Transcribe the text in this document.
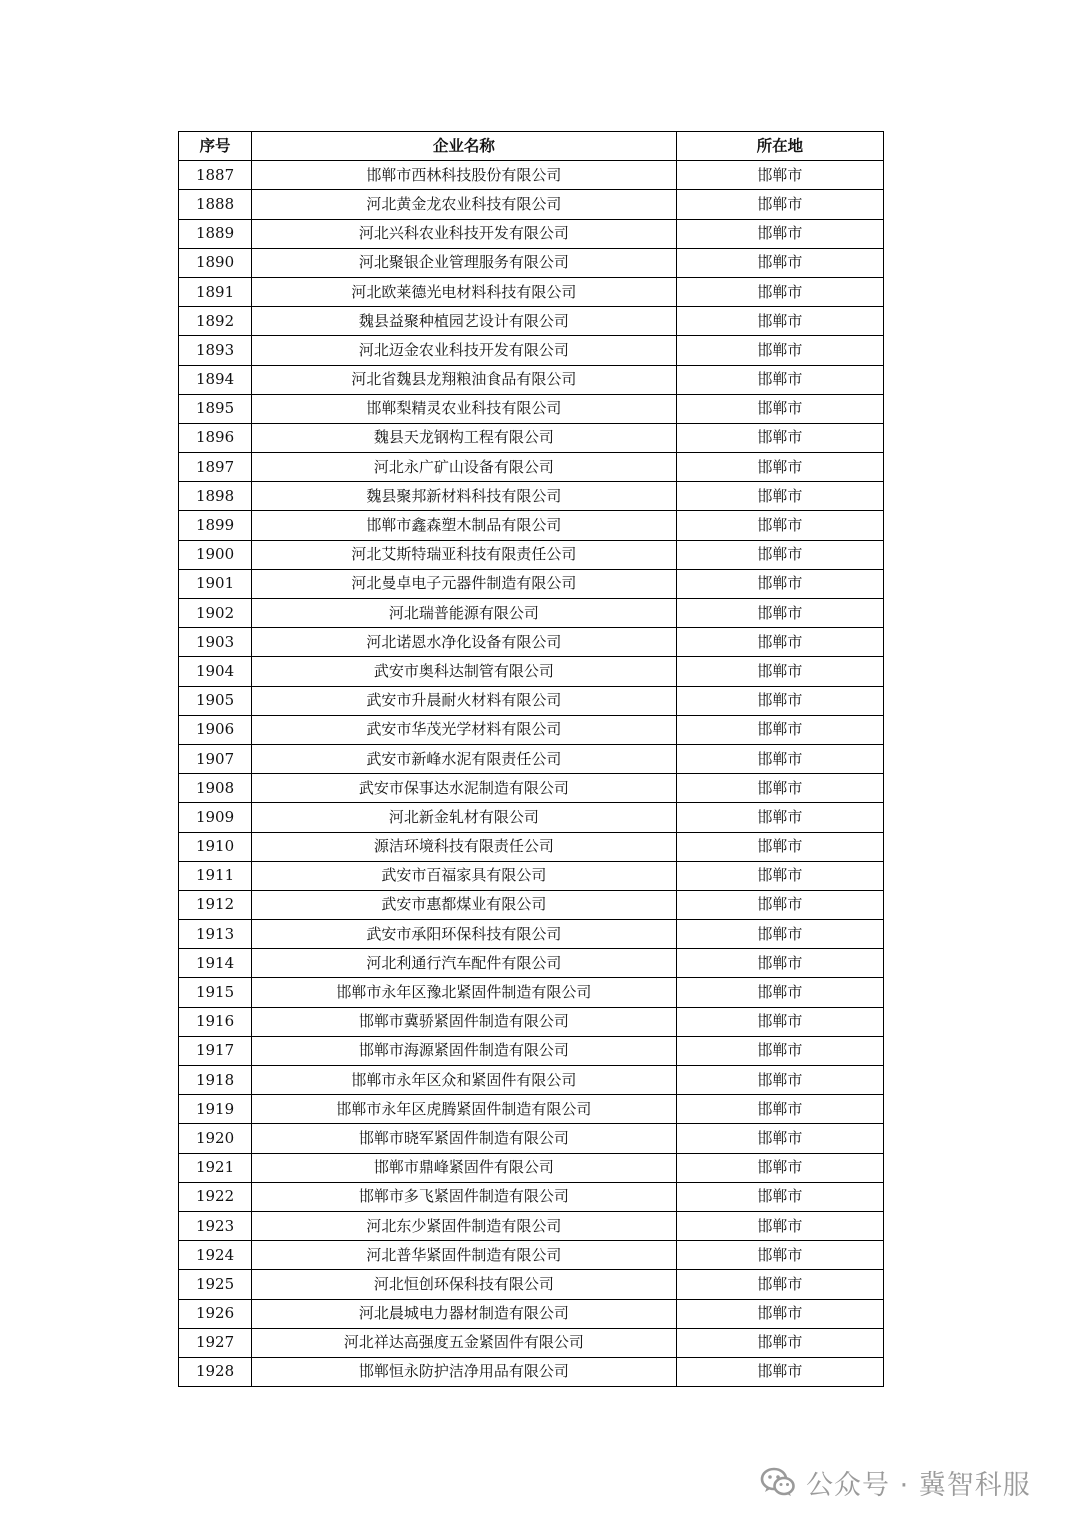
序号	企业名称	所在地
1887	邯郸市西林科技股份有限公司	邯郸市
1888	河北黄金龙农业科技有限公司	邯郸市
1889	河北兴科农业科技开发有限公司	邯郸市
1890	河北聚银企业管理服务有限公司	邯郸市
1891	河北欧莱德光电材料科技有限公司	邯郸市
1892	魏县益聚种植园艺设计有限公司	邯郸市
1893	河北迈金农业科技开发有限公司	邯郸市
1894	河北省魏县龙翔粮油食品有限公司	邯郸市
1895	邯郸梨精灵农业科技有限公司	邯郸市
1896	魏县天龙钢构工程有限公司	邯郸市
1897	河北永广矿山设备有限公司	邯郸市
1898	魏县聚邦新材料科技有限公司	邯郸市
1899	邯郸市鑫森塑木制品有限公司	邯郸市
1900	河北艾斯特瑞亚科技有限责任公司	邯郸市
1901	河北曼卓电子元器件制造有限公司	邯郸市
1902	河北瑞普能源有限公司	邯郸市
1903	河北诺恩水净化设备有限公司	邯郸市
1904	武安市奥科达制管有限公司	邯郸市
1905	武安市升晨耐火材料有限公司	邯郸市
1906	武安市华茂光学材料有限公司	邯郸市
1907	武安市新峰水泥有限责任公司	邯郸市
1908	武安市保事达水泥制造有限公司	邯郸市
1909	河北新金轧材有限公司	邯郸市
1910	源洁环境科技有限责任公司	邯郸市
1911	武安市百福家具有限公司	邯郸市
1912	武安市惠都煤业有限公司	邯郸市
1913	武安市承阳环保科技有限公司	邯郸市
1914	河北利通行汽车配件有限公司	邯郸市
1915	邯郸市永年区豫北紧固件制造有限公司	邯郸市
1916	邯郸市冀骄紧固件制造有限公司	邯郸市
1917	邯郸市海源紧固件制造有限公司	邯郸市
1918	邯郸市永年区众和紧固件有限公司	邯郸市
1919	邯郸市永年区虎腾紧固件制造有限公司	邯郸市
1920	邯郸市晓军紧固件制造有限公司	邯郸市
1921	邯郸市鼎峰紧固件有限公司	邯郸市
1922	邯郸市多飞紧固件制造有限公司	邯郸市
1923	河北东少紧固件制造有限公司	邯郸市
1924	河北普华紧固件制造有限公司	邯郸市
1925	河北恒创环保科技有限公司	邯郸市
1926	河北晨城电力器材制造有限公司	邯郸市
1927	河北祥达高强度五金紧固件有限公司	邯郸市
1928	邯郸恒永防护洁净用品有限公司	邯郸市
公众号 · 冀智科服
